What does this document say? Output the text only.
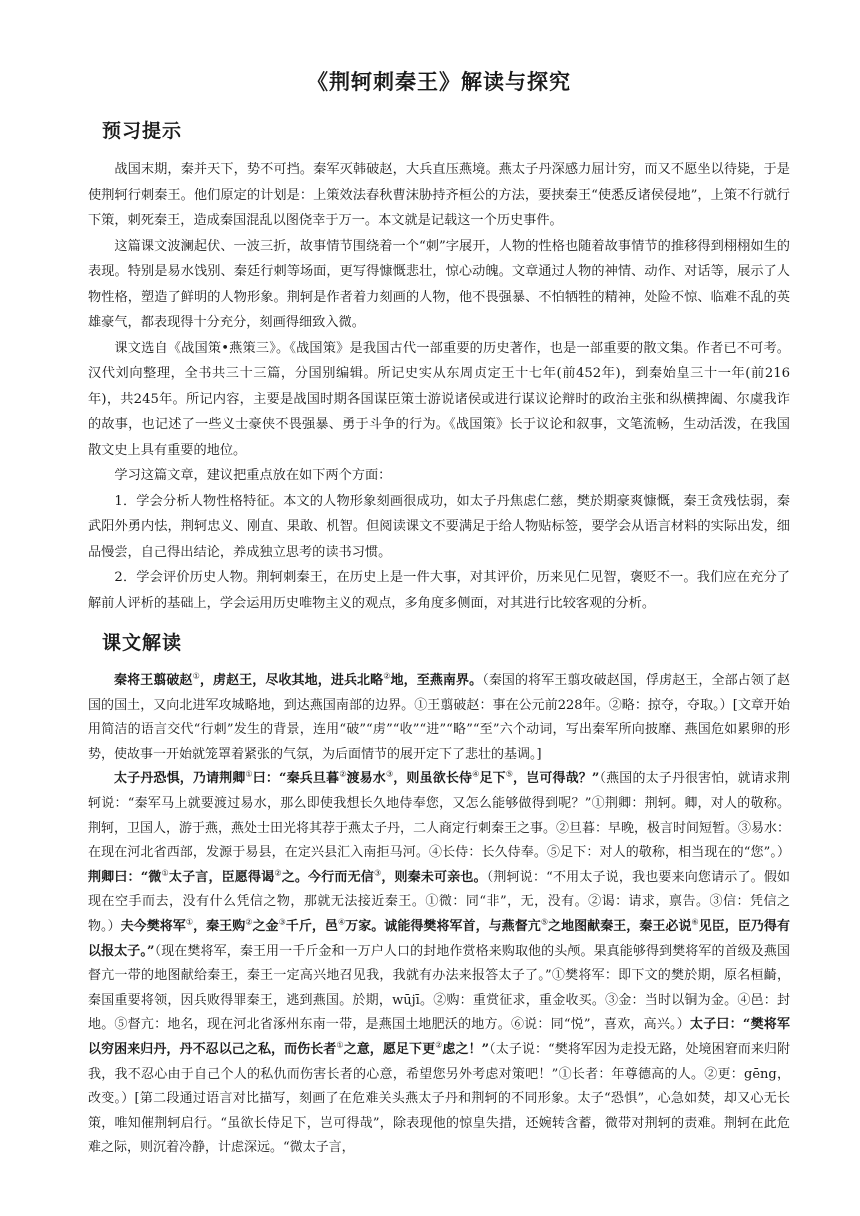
《荆轲刺秦王》解读与探究
预习提示

战国末期，秦并天下，势不可挡。秦军灭韩破赵，大兵直压燕境。燕太子丹深感力屈计穷，而又不愿坐以待毙，于是使荆轲行刺秦王。他们原定的计划是：上策效法春秋曹沫胁持齐桓公的方法，要挟秦王“使悉反诸侯侵地”，上策不行就行下策，刺死秦王，造成秦国混乱以图侥幸于万一。本文就是记载这一个历史事件。

这篇课文波澜起伏、一波三折，故事情节围绕着一个“刺”字展开，人物的性格也随着故事情节的推移得到栩栩如生的表现。特别是易水饯别、秦廷行刺等场面，更写得慷慨悲壮，惊心动魄。文章通过人物的神情、动作、对话等，展示了人物性格，塑造了鲜明的人物形象。荆轲是作者着力刻画的人物，他不畏强暴、不怕牺牲的精神，处险不惊、临难不乱的英雄豪气，都表现得十分充分，刻画得细致入微。

课文选自《战国策•燕策三》。《战国策》是我国古代一部重要的历史著作，也是一部重要的散文集。作者已不可考。汉代刘向整理，全书共三十三篇，分国别编辑。所记史实从东周贞定王十七年(前452年)，到秦始皇三十一年(前216年)，共245年。所记内容，主要是战国时期各国谋臣策士游说诸侯或进行谋议论辩时的政治主张和纵横捭阖、尔虞我诈的故事，也记述了一些义士豪侠不畏强暴、勇于斗争的行为。《战国策》长于议论和叙事，文笔流畅，生动活泼，在我国散文史上具有重要的地位。

学习这篇文章，建议把重点放在如下两个方面：

1．学会分析人物性格特征。本文的人物形象刻画很成功，如太子丹焦虑仁慈，樊於期豪爽慷慨，秦王贪残怯弱，秦武阳外勇内怯，荆轲忠义、刚直、果敢、机智。但阅读课文不要满足于给人物贴标签，要学会从语言材料的实际出发，细品慢尝，自己得出结论，养成独立思考的读书习惯。

2．学会评价历史人物。荆轲刺秦王，在历史上是一件大事，对其评价，历来见仁见智，褒贬不一。我们应在充分了解前人评析的基础上，学会运用历史唯物主义的观点，多角度多侧面，对其进行比较客观的分析。

课文解读

秦将王翦破赵①，虏赵王，尽收其地，进兵北略②地，至燕南界。（秦国的将军王翦攻破赵国，俘虏赵王，全部占领了赵国的国土，又向北进军攻城略地，到达燕国南部的边界。①王翦破赵：事在公元前228年。②略：掠夺，夺取。）[文章开始用简洁的语言交代“行刺”发生的背景，连用“破”“虏”“收”“进”“略”“至”六个动词，写出秦军所向披靡、燕国危如累卵的形势，使故事一开始就笼罩着紧张的气氛，为后面情节的展开定下了悲壮的基调。]

太子丹恐惧，乃请荆卿①曰：“秦兵旦暮②渡易水③，则虽欲长侍④足下⑤，岂可得哉？”（燕国的太子丹很害怕，就请求荆轲说：“秦军马上就要渡过易水，那么即使我想长久地侍奉您，又怎么能够做得到呢？”①荆卿：荆轲。卿，对人的敬称。荆轲，卫国人，游于燕，燕处士田光将其荐于燕太子丹，二人商定行刺秦王之事。②旦暮：早晚，极言时间短暂。③易水：在现在河北省西部，发源于易县，在定兴县汇入南拒马河。④长侍：长久侍奉。⑤足下：对人的敬称，相当现在的“您”。）荆卿曰：“微①太子言，臣愿得谒②之。今行而无信③，则秦未可亲也。（荆轲说：“不用太子说，我也要来向您请示了。假如现在空手而去，没有什么凭信之物，那就无法接近秦王。①微：同“非”，无，没有。②谒：请求，禀告。③信：凭信之物。）夫今樊将军①，秦王购②之金③千斤，邑④万家。诚能得樊将军首，与燕督亢⑤之地图献秦王，秦王必说⑥见臣，臣乃得有以报太子。”（现在樊将军，秦王用一千斤金和一万户人口的封地作赏格来购取他的头颅。果真能够得到樊将军的首级及燕国督亢一带的地图献给秦王，秦王一定高兴地召见我，我就有办法来报答太子了。”①樊将军：即下文的樊於期，原名桓齮，秦国重要将领，因兵败得罪秦王，逃到燕国。於期，wūjī。②购：重赏征求，重金收买。③金：当时以铜为金。④邑：封地。⑤督亢：地名，现在河北省涿州东南一带，是燕国土地肥沃的地方。⑥说：同“悦”，喜欢，高兴。）太子曰：“樊将军以穷困来归丹，丹不忍以己之私，而伤长者①之意，愿足下更②虑之！”（太子说：“樊将军因为走投无路，处境困窘而来归附我，我不忍心由于自己个人的私仇而伤害长者的心意，希望您另外考虑对策吧！”①长者：年尊德高的人。②更：gēng，改变。）[第二段通过语言对比描写，刻画了在危难关头燕太子丹和荆轲的不同形象。太子“恐惧”，心急如焚，却又心无长策，唯知催荆轲启行。“虽欲长侍足下，岂可得哉”，除表现他的惊皇失措，还婉转含蓄，微带对荆轲的责难。荆轲在此危难之际，则沉着冷静，计虑深远。“微太子言，
